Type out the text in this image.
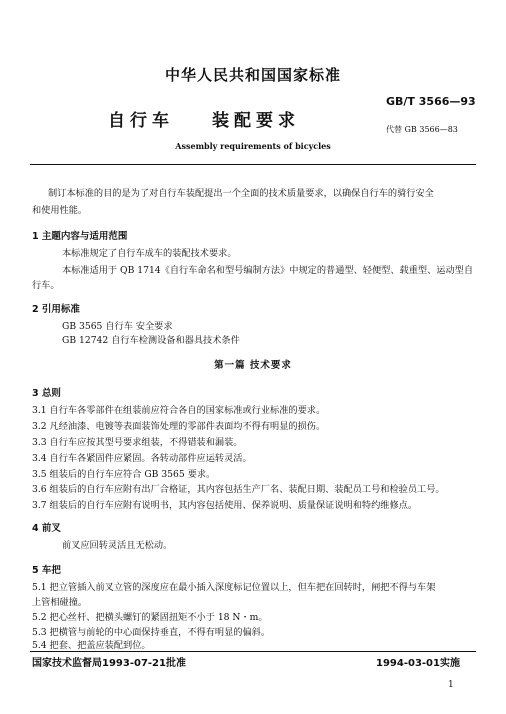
中华人民共和国国家标准
自行车 装配要求
GB/T 3566—93
代替 GB 3566—83
Assembly requirements of bicycles
制订本标准的目的是为了对自行车装配提出一个全面的技术质量要求，以确保自行车的骑行安全
和使用性能。
1 主题内容与适用范围
本标准规定了自行车成车的装配技术要求。
本标准适用于 QB 1714《自行车命名和型号编制方法》中规定的普通型、轻便型、载重型、运动型自
行车。
2 引用标准
GB 3565 自行车 安全要求
GB 12742 自行车检测设备和器具技术条件
第一篇 技术要求
3 总则
3.1 自行车各零部件在组装前应符合各自的国家标准或行业标准的要求。
3.2 凡经油漆、电镀等表面装饰处理的零部件表面均不得有明显的损伤。
3.3 自行车应按其型号要求组装，不得错装和漏装。
3.4 自行车各紧固件应紧固。各转动部件应运转灵活。
3.5 组装后的自行车应符合 GB 3565 要求。
3.6 组装后的自行车应附有出厂合格证，其内容包括生产厂名、装配日期、装配员工号和检验员工号。
3.7 组装后的自行车应附有说明书，其内容包括使用、保养说明、质量保证说明和特约维修点。
4 前叉
前叉应回转灵活且无松动。
5 车把
5.1 把立管插入前叉立管的深度应在最小插入深度标记位置以上，但车把在回转时，闸把不得与车架
上管相碰撞。
5.2 把心丝杆、把横头螺钉的紧固扭矩不小于 18 N・m。
5.3 把横管与前轮的中心面保持垂直，不得有明显的偏斜。
5.4 把套、把盖应装配到位。
国家技术监督局1993-07-21批准	1994-03-01实施
1
